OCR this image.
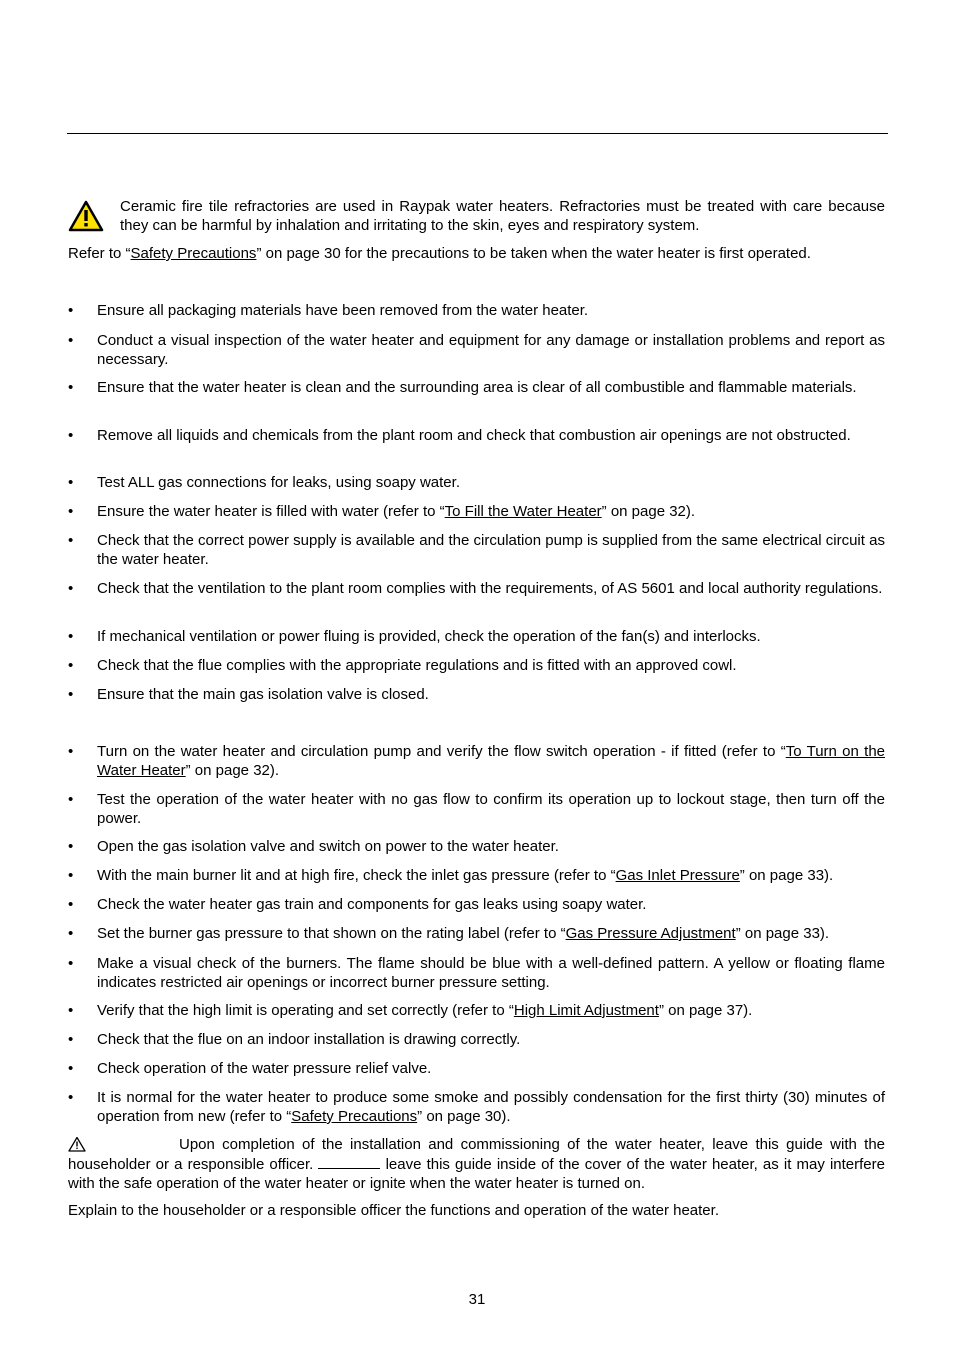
Ceramic fire tile refractories are used in Raypak water heaters. Refractories must be treated with care because they can be harmful by inhalation and irritating to the skin, eyes and respiratory system.
Refer to “Safety Precautions” on page 30 for the precautions to be taken when the water heater is first operated.
•	Ensure all packaging materials have been removed from the water heater.
•	Conduct a visual inspection of the water heater and equipment for any damage or installation problems and report as necessary.
•	Ensure that the water heater is clean and the surrounding area is clear of all combustible and flammable materials.
•	Remove all liquids and chemicals from the plant room and check that combustion air openings are not obstructed.
•	Test ALL gas connections for leaks, using soapy water.
•	Ensure the water heater is filled with water (refer to “To Fill the Water Heater” on page 32).
•	Check that the correct power supply is available and the circulation pump is supplied from the same electrical circuit as the water heater.
•	Check that the ventilation to the plant room complies with the requirements, of AS 5601 and local authority regulations.
•	If mechanical ventilation or power fluing is provided, check the operation of the fan(s) and interlocks.
•	Check that the flue complies with the appropriate regulations and is fitted with an approved cowl.
•	Ensure that the main gas isolation valve is closed.
•	Turn on the water heater and circulation pump and verify the flow switch operation - if fitted (refer to “To Turn on the Water Heater” on page 32).
•	Test the operation of the water heater with no gas flow to confirm its operation up to lockout stage, then turn off the power.
•	Open the gas isolation valve and switch on power to the water heater.
•	With the main burner lit and at high fire, check the inlet gas pressure (refer to “Gas Inlet Pressure” on page 33).
•	Check the water heater gas train and components for gas leaks using soapy water.
•	Set the burner gas pressure to that shown on the rating label (refer to “Gas Pressure Adjustment” on page 33).
•	Make a visual check of the burners. The flame should be blue with a well-defined pattern. A yellow or floating flame indicates restricted air openings or incorrect burner pressure setting.
•	Verify that the high limit is operating and set correctly (refer to “High Limit Adjustment” on page 37).
•	Check that the flue on an indoor installation is drawing correctly.
•	Check operation of the water pressure relief valve.
•	It is normal for the water heater to produce some smoke and possibly condensation for the first thirty (30) minutes of operation from new (refer to “Safety Precautions” on page 30).
Upon completion of the installation and commissioning of the water heater, leave this guide with the householder or a responsible officer.	leave this guide inside of the cover of the water heater, as it may interfere with the safe operation of the water heater or ignite when the water heater is turned on.
Explain to the householder or a responsible officer the functions and operation of the water heater.
31
